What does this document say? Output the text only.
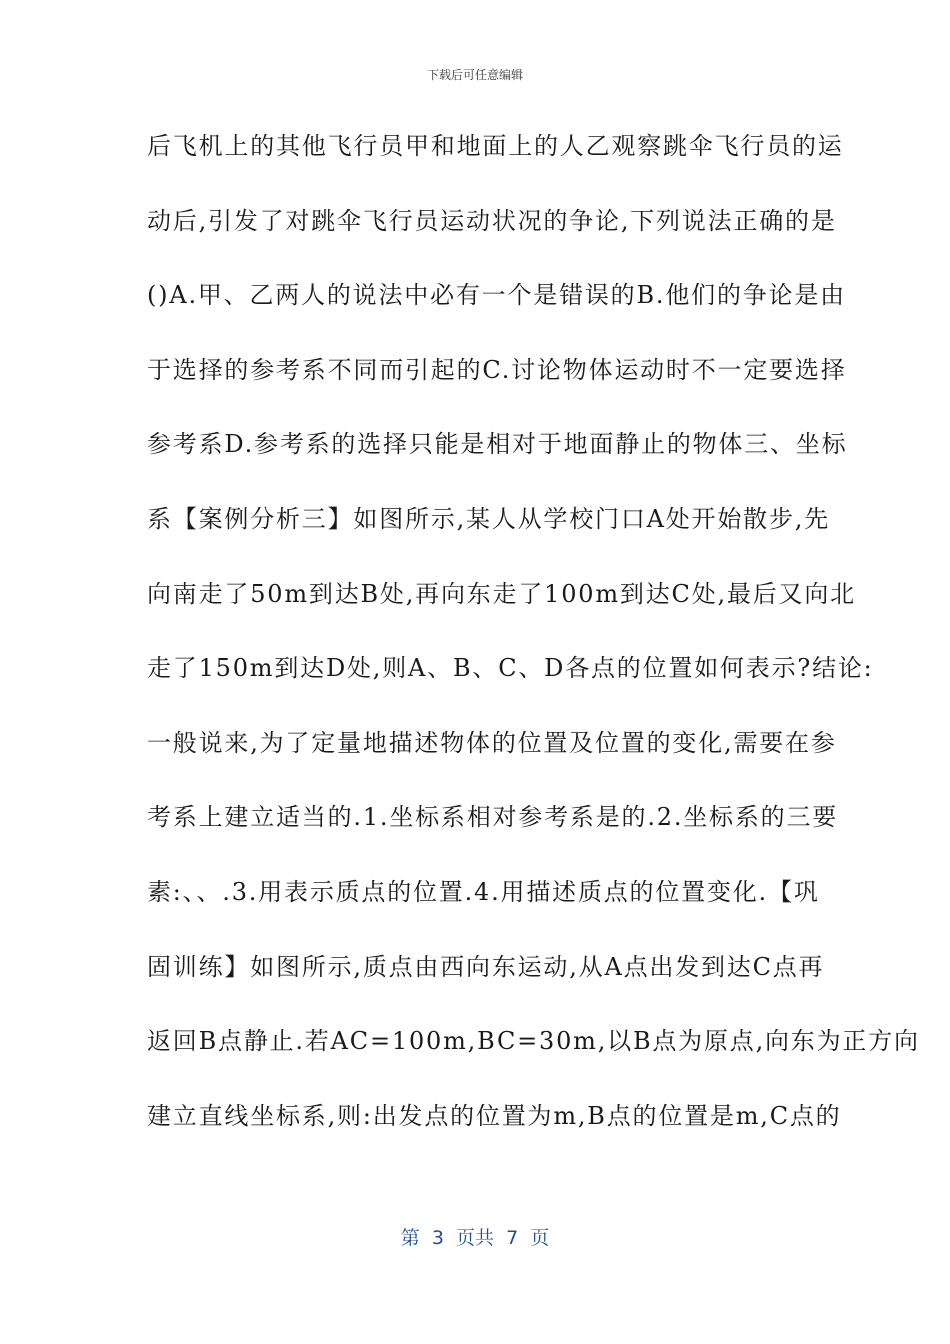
下载后可任意编辑
后飞机上的其他飞行员甲和地面上的人乙观察跳伞飞行员的运
动后,引发了对跳伞飞行员运动状况的争论,下列说法正确的是
()A.甲、乙两人的说法中必有一个是错误的B.他们的争论是由
于选择的参考系不同而引起的C.讨论物体运动时不一定要选择
参考系D.参考系的选择只能是相对于地面静止的物体三、坐标
系【案例分析三】如图所示,某人从学校门口A处开始散步,先
向南走了50m到达B处,再向东走了100m到达C处,最后又向北
走了150m到达D处,则A、B、C、D各点的位置如何表示?结论:
一般说来,为了定量地描述物体的位置及位置的变化,需要在参
考系上建立适当的.1.坐标系相对参考系是的.2.坐标系的三要
素:、、.3.用表示质点的位置.4.用描述质点的位置变化.【巩
固训练】如图所示,质点由西向东运动,从A点出发到达C点再
返回B点静止.若AC=100m,BC=30m,以B点为原点,向东为正方向
建立直线坐标系,则:出发点的位置为m,B点的位置是m,C点的
第  3  页共  7  页
